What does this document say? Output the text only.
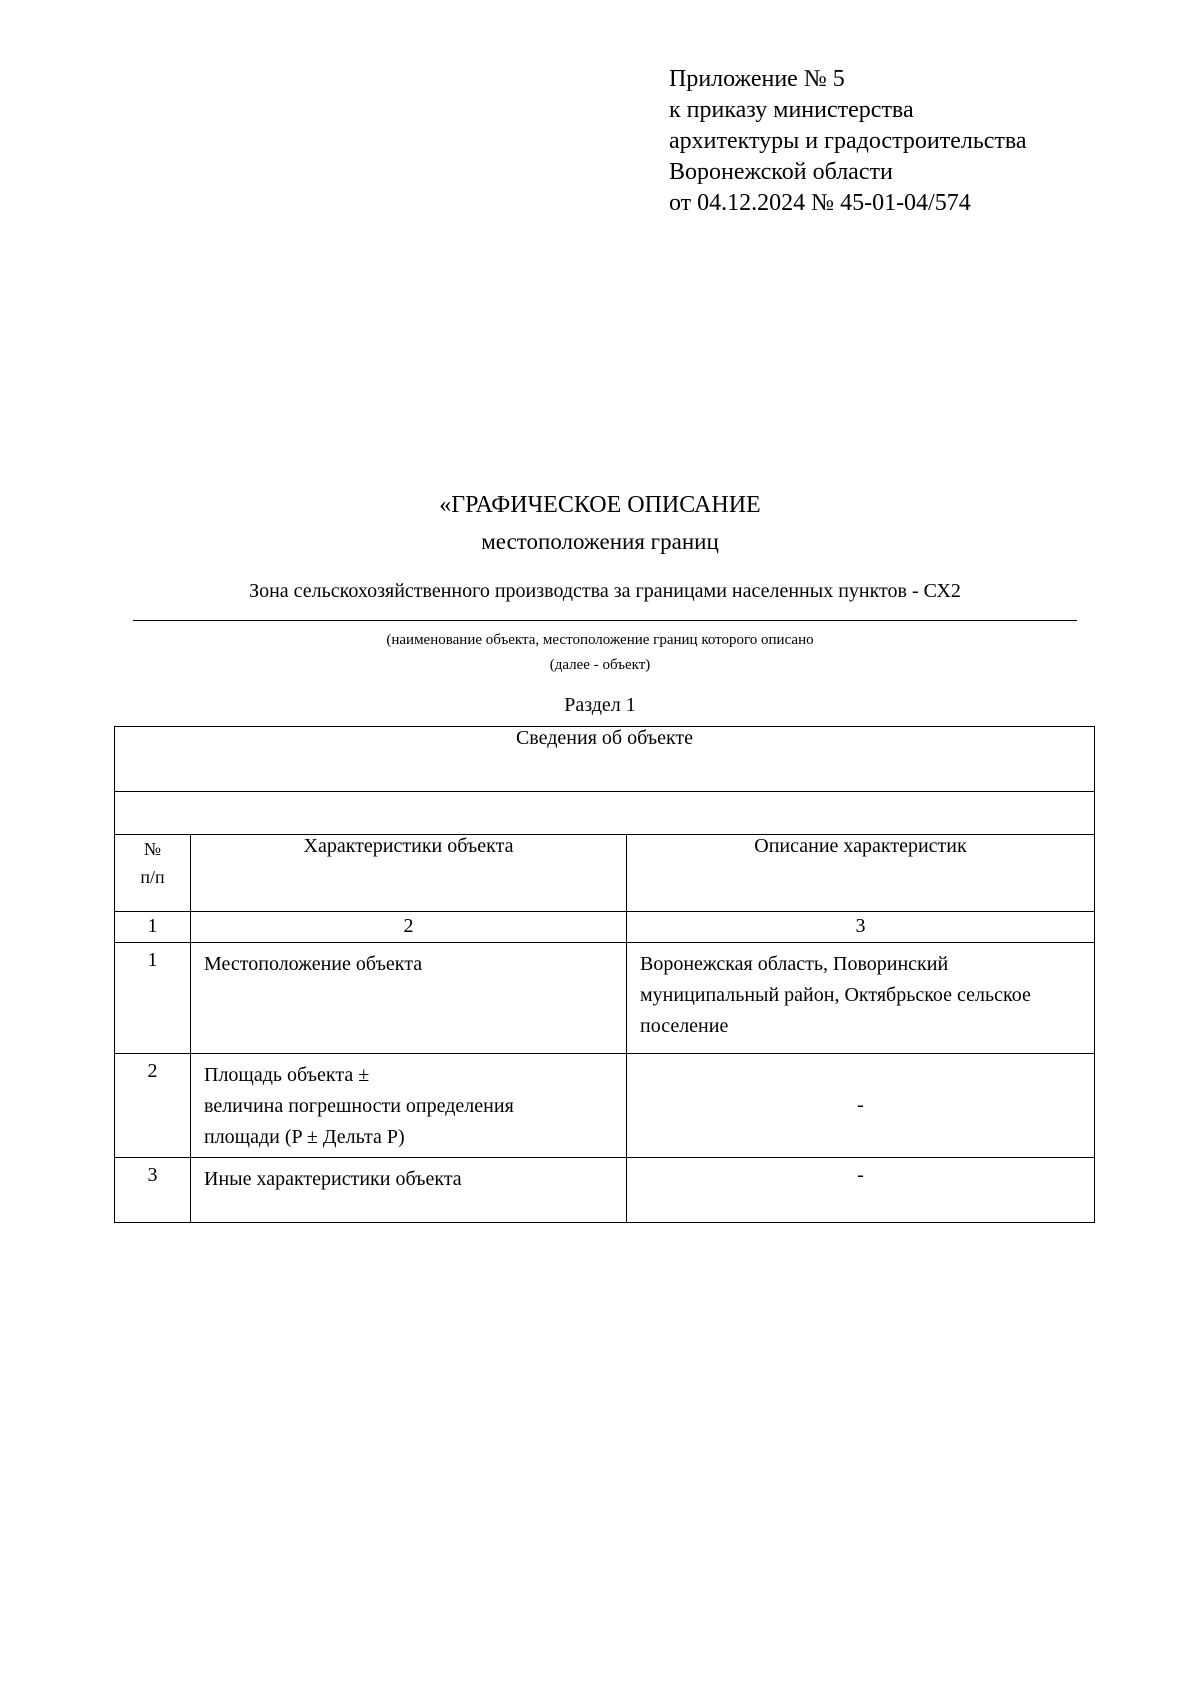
Приложение № 5
к приказу министерства
архитектуры и градостроительства
Воронежской области
от 04.12.2024 № 45-01-04/574
«ГРАФИЧЕСКОЕ ОПИСАНИЕ
местоположения границ
Зона сельскохозяйственного производства за границами населенных пунктов - СХ2
(наименование объекта, местоположение границ которого описано
(далее - объект)
Раздел 1
Сведения об объекте		

№
п/п	Характеристики объекта	Описание характеристик
1	2	3
1	Местоположение объекта	Воронежская область, Поворинский муниципальный район, Октябрьское сельское поселение
2	Площадь объекта ±
величина погрешности определения
площади (P ± Дельта P)	-
3	Иные характеристики объекта	-
